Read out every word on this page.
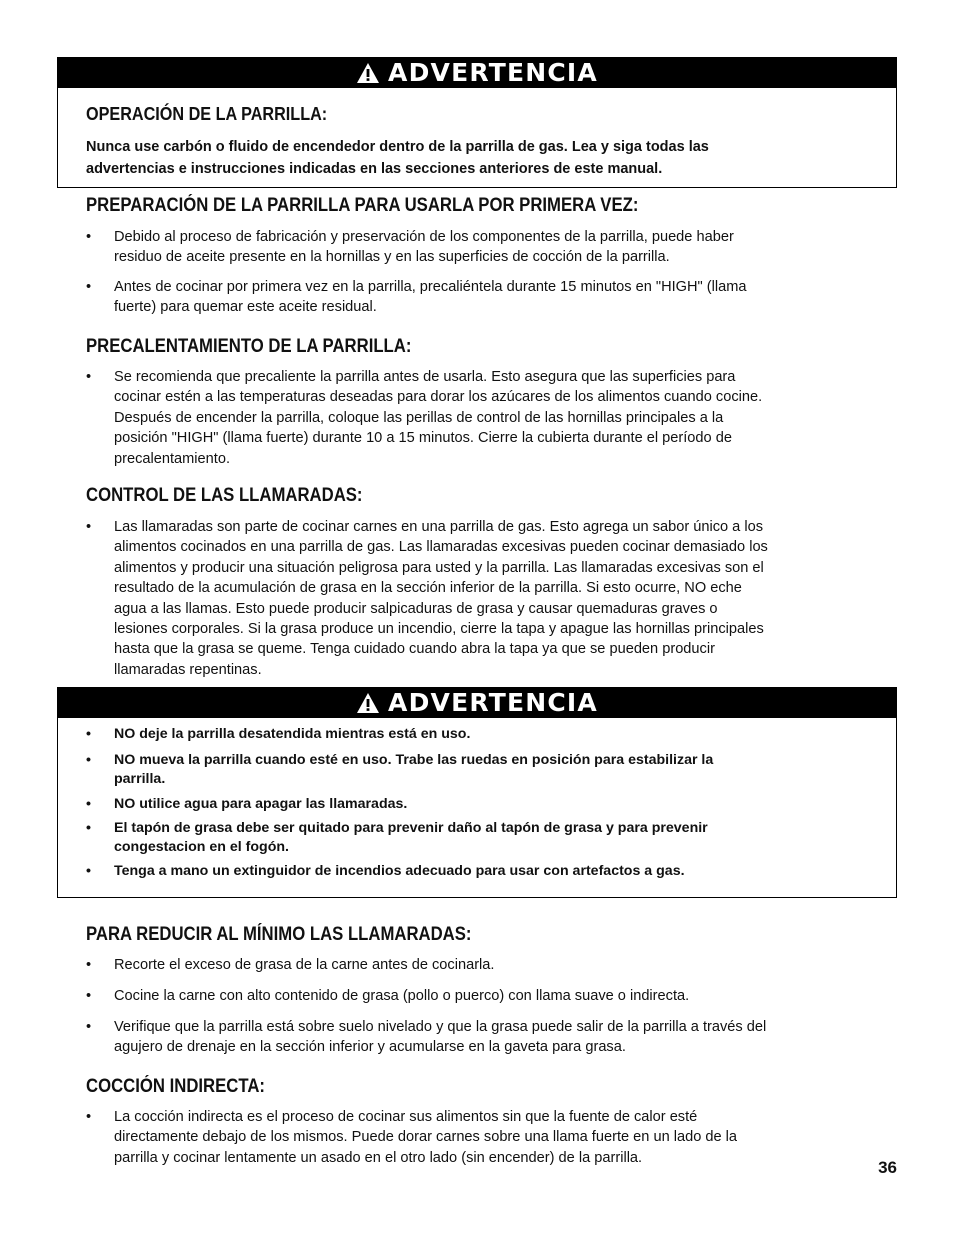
ADVERTENCIA
OPERACIÓN DE LA PARRILLA:
Nunca use carbón o fluido de encendedor dentro de la parrilla de gas. Lea y siga todas las
advertencias e instrucciones indicadas en las secciones anteriores de este manual.
PREPARACIÓN DE LA PARRILLA PARA USARLA POR PRIMERA VEZ:
• Debido al proceso de fabricación y preservación de los componentes de la parrilla, puede haber
residuo de aceite presente en la hornillas y en las superficies de cocción de la parrilla.
• Antes de cocinar por primera vez en la parrilla, precaliéntela durante 15 minutos en "HIGH" (llama
fuerte) para quemar este aceite residual.
PRECALENTAMIENTO DE LA PARRILLA:
• Se recomienda que precaliente la parrilla antes de usarla. Esto asegura que las superficies para
cocinar estén a las temperaturas deseadas para dorar los azúcares de los alimentos cuando cocine.
Después de encender la parrilla, coloque las perillas de control de las hornillas principales a la
posición "HIGH" (llama fuerte) durante 10 a 15 minutos. Cierre la cubierta durante el período de
precalentamiento.
CONTROL DE LAS LLAMARADAS:
• Las llamaradas son parte de cocinar carnes en una parrilla de gas. Esto agrega un sabor único a los
alimentos cocinados en una parrilla de gas. Las llamaradas excesivas pueden cocinar demasiado los
alimentos y producir una situación peligrosa para usted y la parrilla. Las llamaradas excesivas son el
resultado de la acumulación de grasa en la sección inferior de la parrilla. Si esto ocurre, NO eche
agua a las llamas. Esto puede producir salpicaduras de grasa y causar quemaduras graves o
lesiones corporales. Si la grasa produce un incendio, cierre la tapa y apague las hornillas principales
hasta que la grasa se queme. Tenga cuidado cuando abra la tapa ya que se pueden producir
llamaradas repentinas.
ADVERTENCIA
• NO deje la parrilla desatendida mientras está en uso.
• NO mueva la parrilla cuando esté en uso. Trabe las ruedas en posición para estabilizar la
parrilla.
• NO utilice agua para apagar las llamaradas.
• El tapón de grasa debe ser quitado para prevenir daño al tapón de grasa y para prevenir
congestacion en el fogón.
• Tenga a mano un extinguidor de incendios adecuado para usar con artefactos a gas.
PARA REDUCIR AL MÍNIMO LAS LLAMARADAS:
• Recorte el exceso de grasa de la carne antes de cocinarla.
• Cocine la carne con alto contenido de grasa (pollo o puerco) con llama suave o indirecta.
• Verifique que la parrilla está sobre suelo nivelado y que la grasa puede salir de la parrilla a través del
agujero de drenaje en la sección inferior y acumularse en la gaveta para grasa.
COCCIÓN INDIRECTA:
• La cocción indirecta es el proceso de cocinar sus alimentos sin que la fuente de calor esté
directamente debajo de los mismos. Puede dorar carnes sobre una llama fuerte en un lado de la
parrilla y cocinar lentamente un asado en el otro lado (sin encender) de la parrilla.
36
